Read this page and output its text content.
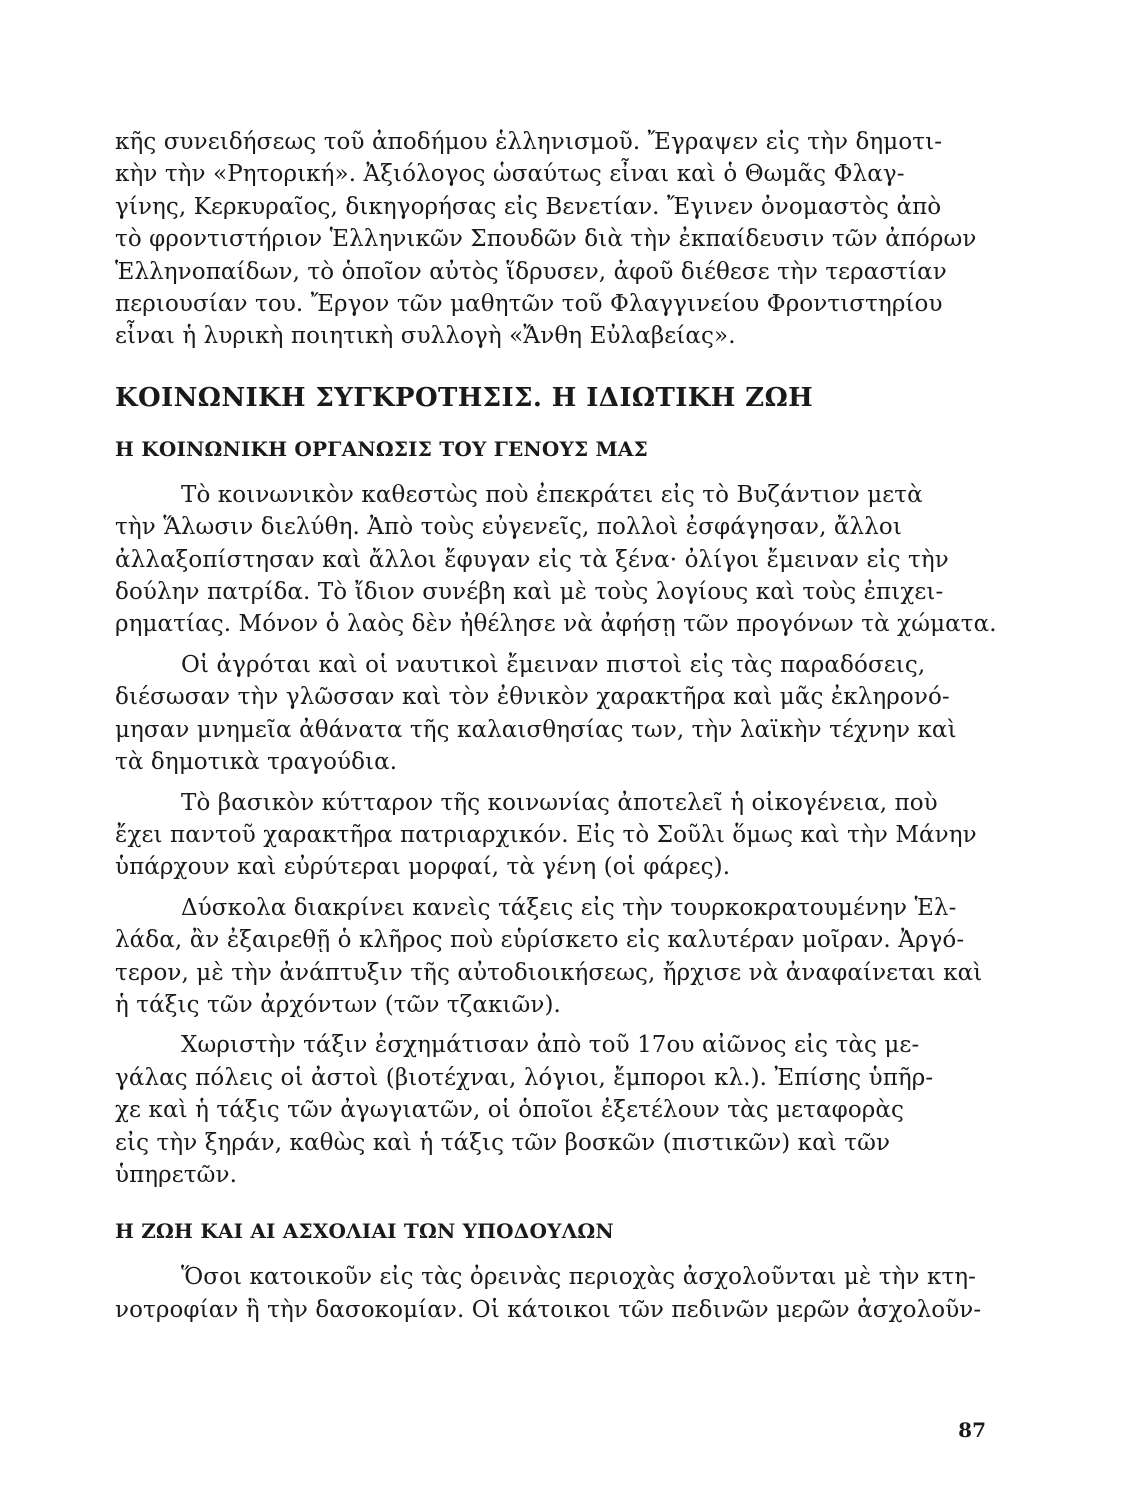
κῆς συνειδήσεως τοῦ ἀποδήμου ἑλληνισμοῦ. Ἔγραψεν εἰς τὴν δημοτι-

κὴν τὴν «Ρητορική». Ἀξιόλογος ὡσαύτως εἶναι καὶ ὁ Θωμᾶς Φλαγ-

γίνης, Κερκυραῖος, δικηγορήσας εἰς Βενετίαν. Ἔγινεν ὀνομαστὸς ἀπὸ

τὸ φροντιστήριον Ἑλληνικῶν Σπουδῶν διὰ τὴν ἐκπαίδευσιν τῶν ἀπόρων

Ἑλληνοπαίδων, τὸ ὁποῖον αὐτὸς ἵδρυσεν, ἀφοῦ διέθεσε τὴν τεραστίαν

περιουσίαν του. Ἔργον τῶν μαθητῶν τοῦ Φλαγγινείου Φροντιστηρίου

εἶναι ἡ λυρικὴ ποιητικὴ συλλογὴ «Ἄνθη Εὐλαβείας».

ΚΟΙΝΩΝΙΚΗ ΣΥΓΚΡΟΤΗΣΙΣ. Η ΙΔΙΩΤΙΚΗ ΖΩΗ
Η ΚΟΙΝΩΝΙΚΗ ΟΡΓΑΝΩΣΙΣ ΤΟΥ ΓΕΝΟΥΣ ΜΑΣ
Τὸ κοινωνικὸν καθεστὼς ποὺ ἐπεκράτει εἰς τὸ Βυζάντιον μετὰ
τὴν Ἅλωσιν διελύθη. Ἀπὸ τοὺς εὐγενεῖς, πολλοὶ ἐσφάγησαν, ἄλλοι
ἀλλαξοπίστησαν καὶ ἄλλοι ἔφυγαν εἰς τὰ ξένα· ὀλίγοι ἔμειναν εἰς τὴν
δούλην πατρίδα. Τὸ ἴδιον συνέβη καὶ μὲ τοὺς λογίους καὶ τοὺς ἐπιχει-
ρηματίας. Μόνον ὁ λαὸς δὲν ἠθέλησε νὰ ἀφήσῃ τῶν προγόνων τὰ χώματα.
Οἱ ἀγρόται καὶ οἱ ναυτικοὶ ἔμειναν πιστοὶ εἰς τὰς παραδόσεις,
διέσωσαν τὴν γλῶσσαν καὶ τὸν ἐθνικὸν χαρακτῆρα καὶ μᾶς ἐκληρονό-
μησαν μνημεῖα ἀθάνατα τῆς καλαισθησίας των, τὴν λαϊκὴν τέχνην καὶ
τὰ δημοτικὰ τραγούδια.
Τὸ βασικὸν κύτταρον τῆς κοινωνίας ἀποτελεῖ ἡ οἰκογένεια, ποὺ
ἔχει παντοῦ χαρακτῆρα πατριαρχικόν. Εἰς τὸ Σοῦλι ὅμως καὶ τὴν Μάνην
ὑπάρχουν καὶ εὐρύτεραι μορφαί, τὰ γένη (οἱ φάρες).
Δύσκολα διακρίνει κανεὶς τάξεις εἰς τὴν τουρκοκρατουμένην Ἑλ-
λάδα, ἂν ἐξαιρεθῇ ὁ κλῆρος ποὺ εὑρίσκετο εἰς καλυτέραν μοῖραν. Ἀργό-
τερον, μὲ τὴν ἀνάπτυξιν τῆς αὐτοδιοικήσεως, ἤρχισε νὰ ἀναφαίνεται καὶ
ἡ τάξις τῶν ἀρχόντων (τῶν τζακιῶν).
Χωριστὴν τάξιν ἐσχημάτισαν ἀπὸ τοῦ 17ου αἰῶνος εἰς τὰς με-
γάλας πόλεις οἱ ἀστοὶ (βιοτέχναι, λόγιοι, ἔμποροι κλ.). Ἐπίσης ὑπῆρ-
χε καὶ ἡ τάξις τῶν ἀγωγιατῶν, οἱ ὁποῖοι ἐξετέλουν τὰς μεταφορὰς
εἰς τὴν ξηράν, καθὼς καὶ ἡ τάξις τῶν βοσκῶν (πιστικῶν) καὶ τῶν
ὑπηρετῶν.
Η ΖΩΗ ΚΑΙ ΑΙ ΑΣΧΟΛΙΑΙ ΤΩΝ ΥΠΟΔΟΥΛΩΝ
Ὅσοι κατοικοῦν εἰς τὰς ὀρεινὰς περιοχὰς ἀσχολοῦνται μὲ τὴν κτη-
νοτροφίαν ἢ τὴν δασοκομίαν. Οἱ κάτοικοι τῶν πεδινῶν μερῶν ἀσχολοῦν-
87
